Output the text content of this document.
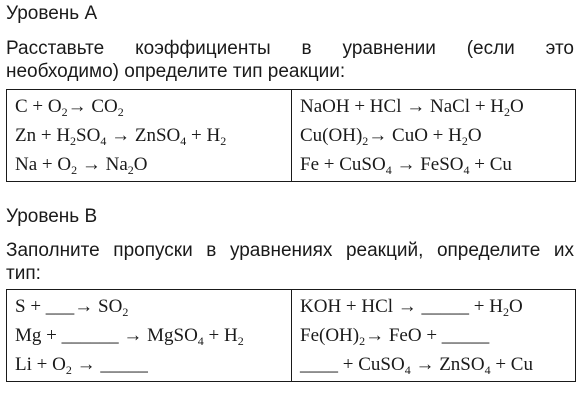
Уровень А

Расставьте коэффициенты в уравнении (если это

необходимо) определите тип реакции:

$C + O_2\to CO_2$
$Zn + H_2SO_4$ → ZnSO$_4$ + $H_2$
$Na + O_2 \to Na_2O$

NaOH + HCl → NaCl + $H_2O$
$Cu(OH)_2\to$ CuO + $H_2O$
Fe + CuSO$_4$ → FeSO$_4$ + Cu
Уровень В

Заполните пропуски в уравнениях реакций, определите их

тип:

S + ___→ $SO_2$
Mg + ______ → MgSO$_4$ + $H_2$
$Li + O_2$ → _____

KOH + HCl → _____ + $H_2O$
$Fe(OH)_2\to$ FeO + _____
____ + CuSO$_4$ → ZnSO$_4$ + Cu
